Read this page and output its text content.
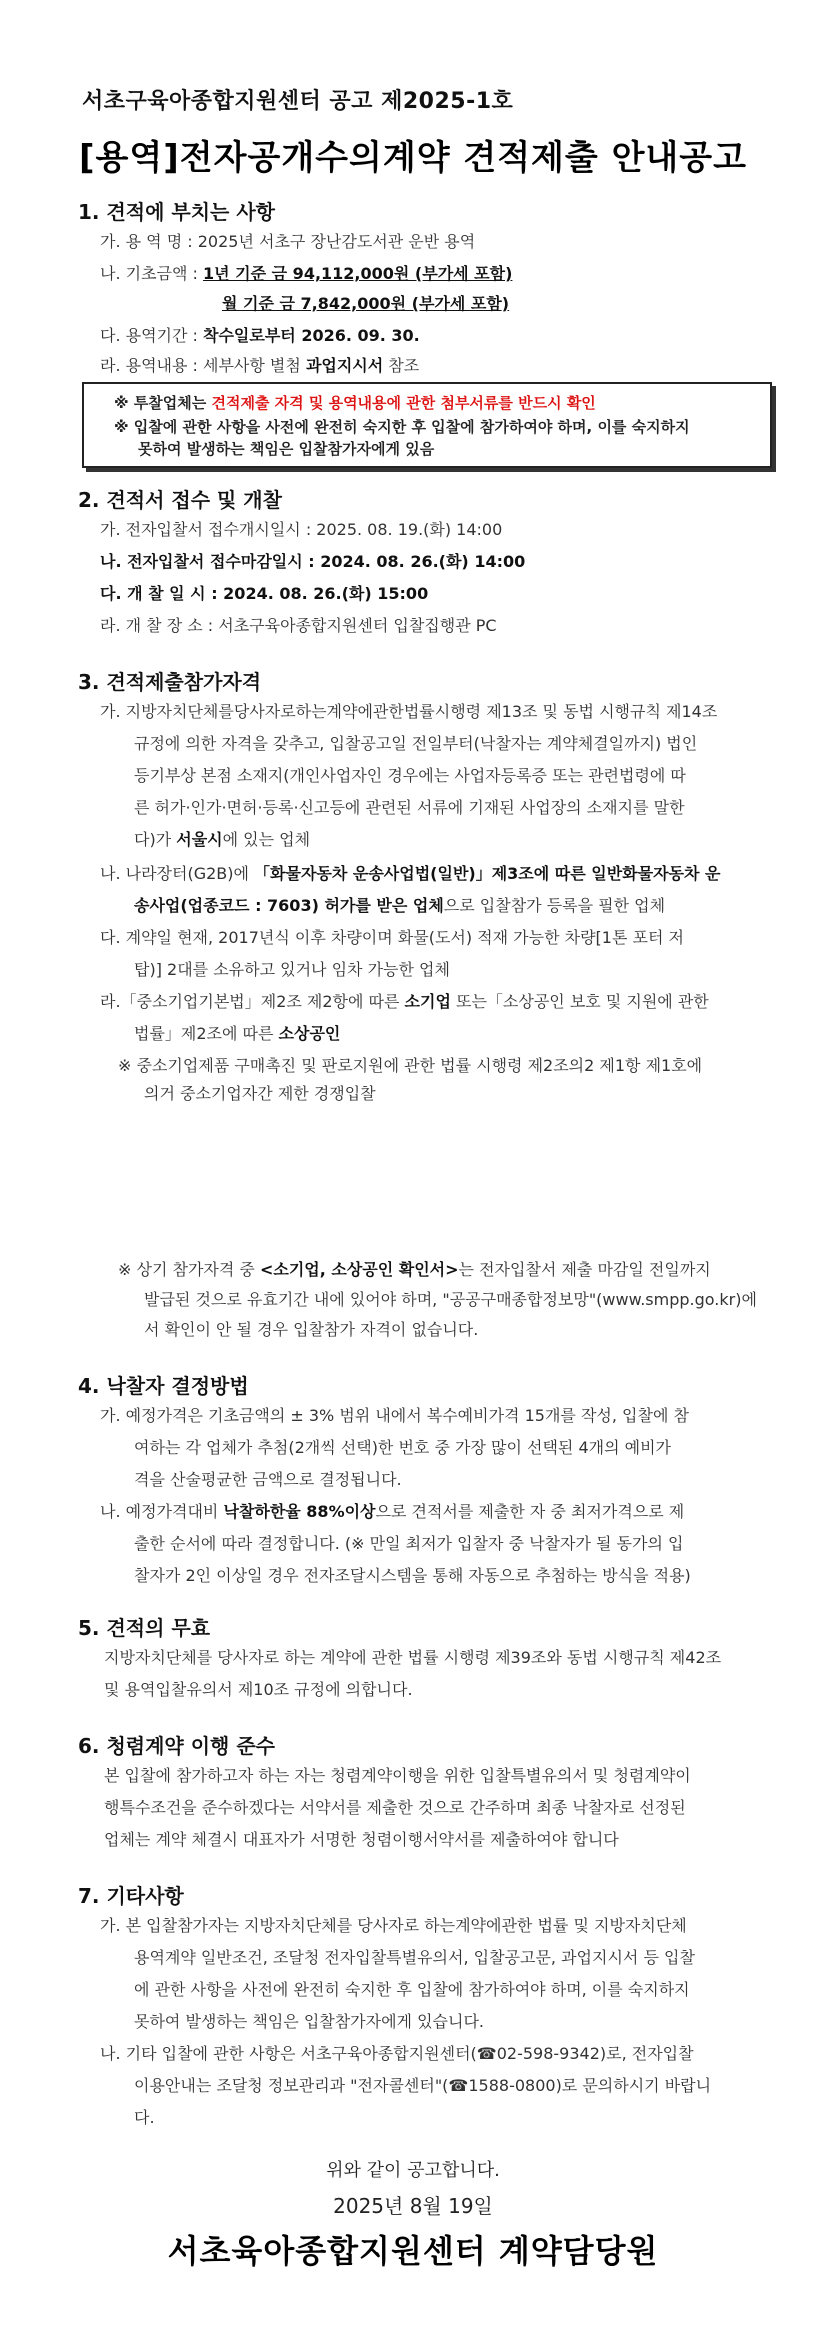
서초구육아종합지원센터 공고 제2025-1호
[용역]전자공개수의계약 견적제출 안내공고
1. 견적에 부치는 사항
가. 용 역 명 : 2025년 서초구 장난감도서관 운반 용역
나. 기초금액 : 1년 기준 금 94,112,000원 (부가세 포함)
월 기준 금 7,842,000원 (부가세 포함)
다. 용역기간 : 착수일로부터 2026. 09. 30.
라. 용역내용 : 세부사항 별첨 과업지시서 참조
※ 투찰업체는 견적제출 자격 및 용역내용에 관한 첨부서류를 반드시 확인
※ 입찰에 관한 사항을 사전에 완전히 숙지한 후 입찰에 참가하여야 하며, 이를 숙지하지
못하여 발생하는 책임은 입찰참가자에게 있음
2. 견적서 접수 및 개찰
가. 전자입찰서 접수개시일시 : 2025. 08. 19.(화) 14:00
나. 전자입찰서 접수마감일시 : 2024. 08. 26.(화) 14:00
다. 개 찰 일 시 : 2024. 08. 26.(화) 15:00
라. 개 찰 장 소 : 서초구육아종합지원센터 입찰집행관 PC
3. 견적제출참가자격
가. 지방자치단체를당사자로하는계약에관한법률시행령 제13조 및 동법 시행규칙 제14조
규정에 의한 자격을 갖추고, 입찰공고일 전일부터(낙찰자는 계약체결일까지) 법인
등기부상 본점 소재지(개인사업자인 경우에는 사업자등록증 또는 관련법령에 따
른 허가·인가·면허·등록·신고등에 관련된 서류에 기재된 사업장의 소재지를 말한
다)가 서울시에 있는 업체
나. 나라장터(G2B)에 「화물자동차 운송사업법(일반)」제3조에 따른 일반화물자동차 운
송사업(업종코드 : 7603) 허가를 받은 업체으로 입찰참가 등록을 필한 업체
다. 계약일 현재, 2017년식 이후 차량이며 화물(도서) 적재 가능한 차량[1톤 포터 저
탑)] 2대를 소유하고 있거나 임차 가능한 업체
라.「중소기업기본법」제2조 제2항에 따른 소기업 또는「소상공인 보호 및 지원에 관한
법률」제2조에 따른 소상공인
※ 중소기업제품 구매촉진 및 판로지원에 관한 법률 시행령 제2조의2 제1항 제1호에
의거 중소기업자간 제한 경쟁입찰
※ 상기 참가자격 중 <소기업, 소상공인 확인서>는 전자입찰서 제출 마감일 전일까지
발급된 것으로 유효기간 내에 있어야 하며, "공공구매종합정보망"(www.smpp.go.kr)에
서 확인이 안 될 경우 입찰참가 자격이 없습니다.
4. 낙찰자 결정방법
가. 예정가격은 기초금액의 ± 3% 범위 내에서 복수예비가격 15개를 작성, 입찰에 참
여하는 각 업체가 추첨(2개씩 선택)한 번호 중 가장 많이 선택된 4개의 예비가
격을 산술평균한 금액으로 결정됩니다.
나. 예정가격대비 낙찰하한율 88%이상으로 견적서를 제출한 자 중 최저가격으로 제
출한 순서에 따라 결정합니다. (※ 만일 최저가 입찰자 중 낙찰자가 될 동가의 입
찰자가 2인 이상일 경우 전자조달시스템을 통해 자동으로 추첨하는 방식을 적용)
5. 견적의 무효
지방자치단체를 당사자로 하는 계약에 관한 법률 시행령 제39조와 동법 시행규칙 제42조
및 용역입찰유의서 제10조 규정에 의합니다.
6. 청렴계약 이행 준수
본 입찰에 참가하고자 하는 자는 청렴계약이행을 위한 입찰특별유의서 및 청렴계약이
행특수조건을 준수하겠다는 서약서를 제출한 것으로 간주하며 최종 낙찰자로 선정된
업체는 계약 체결시 대표자가 서명한 청렴이행서약서를 제출하여야 합니다
7. 기타사항
가. 본 입찰참가자는 지방자치단체를 당사자로 하는계약에관한 법률 및 지방자치단체
용역계약 일반조건, 조달청 전자입찰특별유의서, 입찰공고문, 과업지시서 등 입찰
에 관한 사항을 사전에 완전히 숙지한 후 입찰에 참가하여야 하며, 이를 숙지하지
못하여 발생하는 책임은 입찰참가자에게 있습니다.
나. 기타 입찰에 관한 사항은 서초구육아종합지원센터(☎02-598-9342)로, 전자입찰
이용안내는 조달청 정보관리과 "전자콜센터"(☎1588-0800)로 문의하시기 바랍니
다.
위와 같이 공고합니다.
2025년 8월 19일
서초육아종합지원센터 계약담당원
